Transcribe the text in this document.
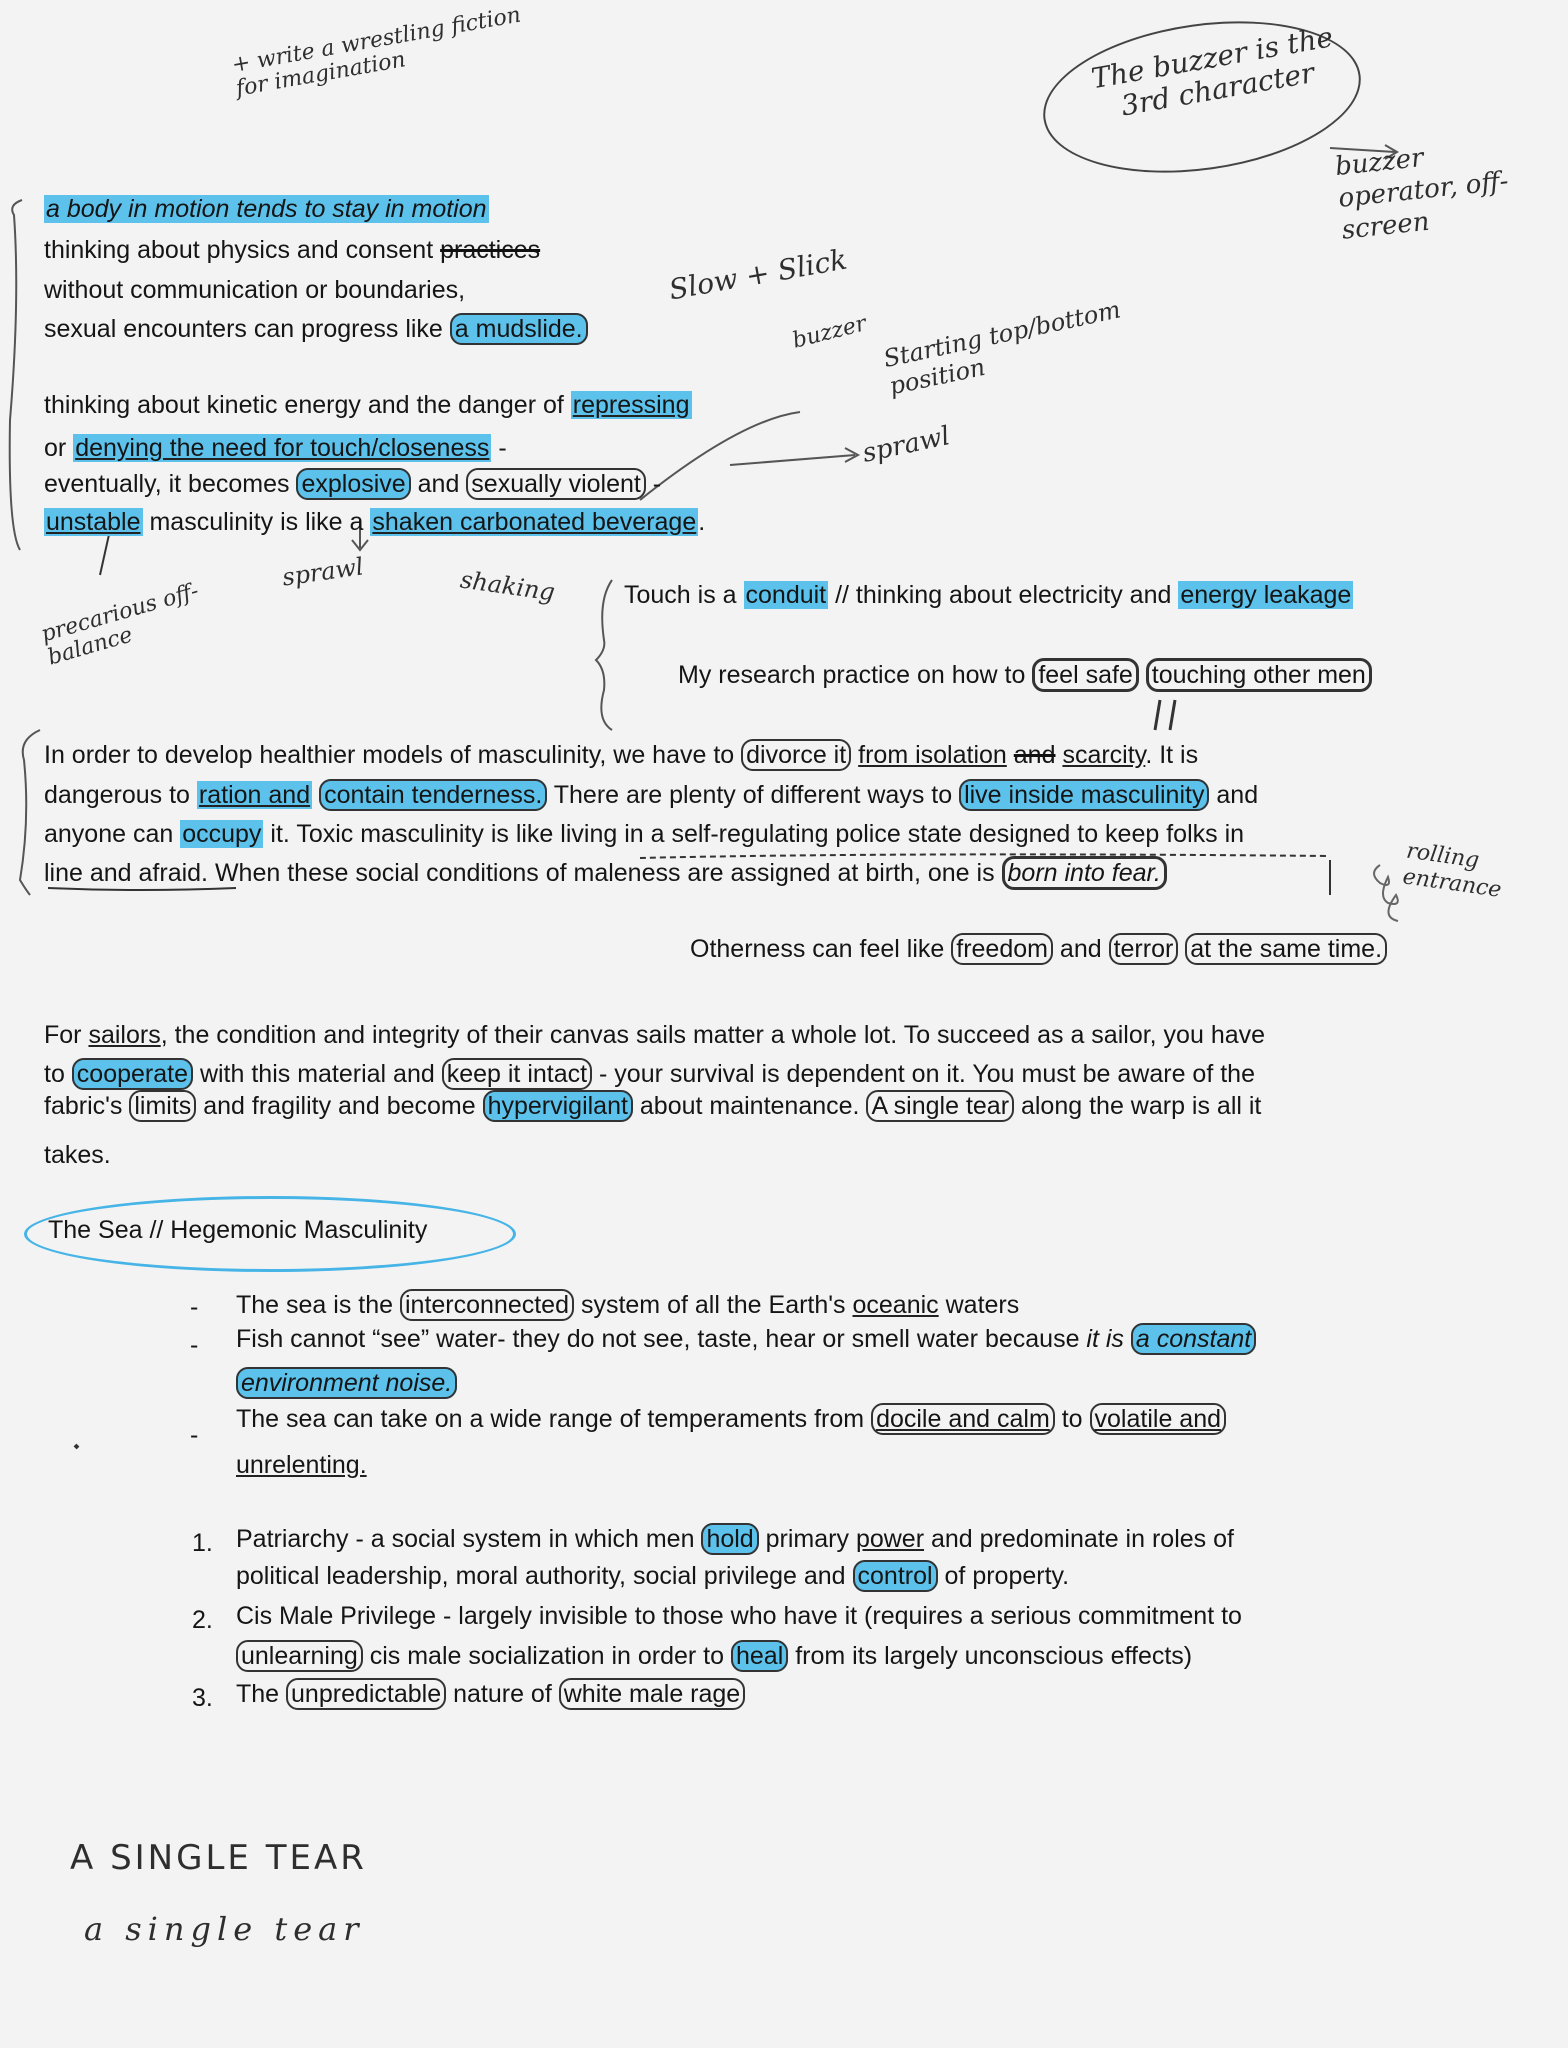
+ write a wrestling fiction for imagination	The buzzer is the 3rd character
buzzer operator, off-screen
Slow + Slick
buzzer Starting top/bottom position
sprawl
a body in motion tends to stay in motion
thinking about physics and consent practices
without communication or boundaries,
sexual encounters can progress like a mudslide.
thinking about kinetic energy and the danger of repressing
or denying the need for touch/closeness -
eventually, it becomes explosive and sexually violent -
unstable masculinity is like a shaken carbonated beverage.
sprawl	shaking
precarious off-balance
Touch is a conduit // thinking about electricity and energy leakage
My research practice on how to feel safe touching other men
In order to develop healthier models of masculinity, we have to divorce it from isolation and scarcity. It is
dangerous to ration and contain tenderness. There are plenty of different ways to live inside masculinity and
anyone can occupy it. Toxic masculinity is like living in a self-regulating police state designed to keep folks in
line and afraid. When these social conditions of maleness are assigned at birth, one is born into fear.	rolling entrance
Otherness can feel like freedom and terror at the same time.
For sailors, the condition and integrity of their canvas sails matter a whole lot. To succeed as a sailor, you have
to cooperate with this material and keep it intact - your survival is dependent on it. You must be aware of the
fabric's limits and fragility and become hypervigilant about maintenance. A single tear along the warp is all it
takes.
The Sea // Hegemonic Masculinity
- The sea is the interconnected system of all the Earth's oceanic waters
- Fish cannot “see” water- they do not see, taste, hear or smell water because it is a constant
environment noise.
-
The sea can take on a wide range of temperaments from docile and calm to volatile and
unrelenting.
1. Patriarchy - a social system in which men hold primary power and predominate in roles of
political leadership, moral authority, social privilege and control of property.
2. Cis Male Privilege - largely invisible to those who have it (requires a serious commitment to
unlearning cis male socialization in order to heal from its largely unconscious effects)
3. The unpredictable nature of white male rage
A SINGLE TEAR
a single tear
